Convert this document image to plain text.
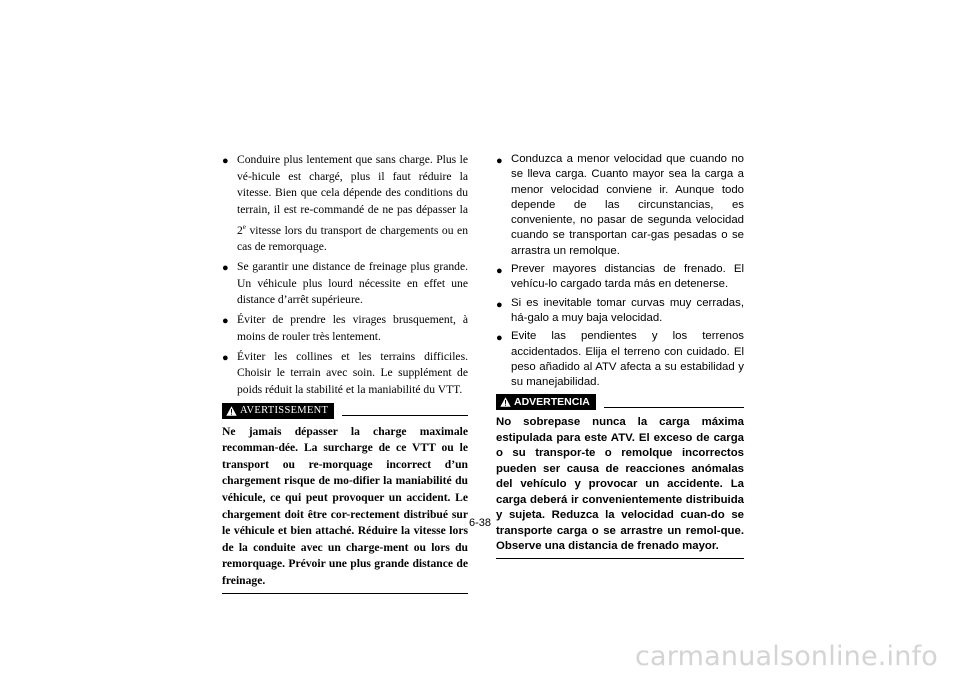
● Conduire plus lentement que sans charge. Plus le vé-hicule est chargé, plus il faut réduire la vitesse. Bien que cela dépende des conditions du terrain, il est re-commandé de ne pas dépasser la 2e vitesse lors du transport de chargements ou en cas de remorquage.
● Se garantir une distance de freinage plus grande. Un véhicule plus lourd nécessite en effet une distance d’arrêt supérieure.
● Éviter de prendre les virages brusquement, à moins de rouler très lentement.
● Éviter les collines et les terrains difficiles. Choisir le terrain avec soin. Le supplément de poids réduit la stabilité et la maniabilité du VTT.
AVERTISSEMENT
Ne jamais dépasser la charge maximale recomman-dée. La surcharge de ce VTT ou le transport ou re-morquage incorrect d’un chargement risque de mo-difier la maniabilité du véhicule, ce qui peut provoquer un accident. Le chargement doit être cor-rectement distribué sur le véhicule et bien attaché. Réduire la vitesse lors de la conduite avec un charge-ment ou lors du remorquage. Prévoir une plus grande distance de freinage.
● Conduzca a menor velocidad que cuando no se lleva carga. Cuanto mayor sea la carga a menor velocidad conviene ir. Aunque todo depende de las circunstancias, es conveniente, no pasar de segunda velocidad cuando se transportan car-gas pesadas o se arrastra un remolque.
● Prever mayores distancias de frenado. El vehícu-lo cargado tarda más en detenerse.
● Si es inevitable tomar curvas muy cerradas, há-galo a muy baja velocidad.
● Evite las pendientes y los terrenos accidentados. Elija el terreno con cuidado. El peso añadido al ATV afecta a su estabilidad y su manejabilidad.
ADVERTENCIA
No sobrepase nunca la carga máxima estipulada para este ATV. El exceso de carga o su transpor-te o remolque incorrectos pueden ser causa de reacciones anómalas del vehículo y provocar un accidente. La carga deberá ir convenientemente distribuida y sujeta. Reduzca la velocidad cuan-do se transporte carga o se arrastre un remol-que. Observe una distancia de frenado mayor.
6-38
carmanualsonline.info
